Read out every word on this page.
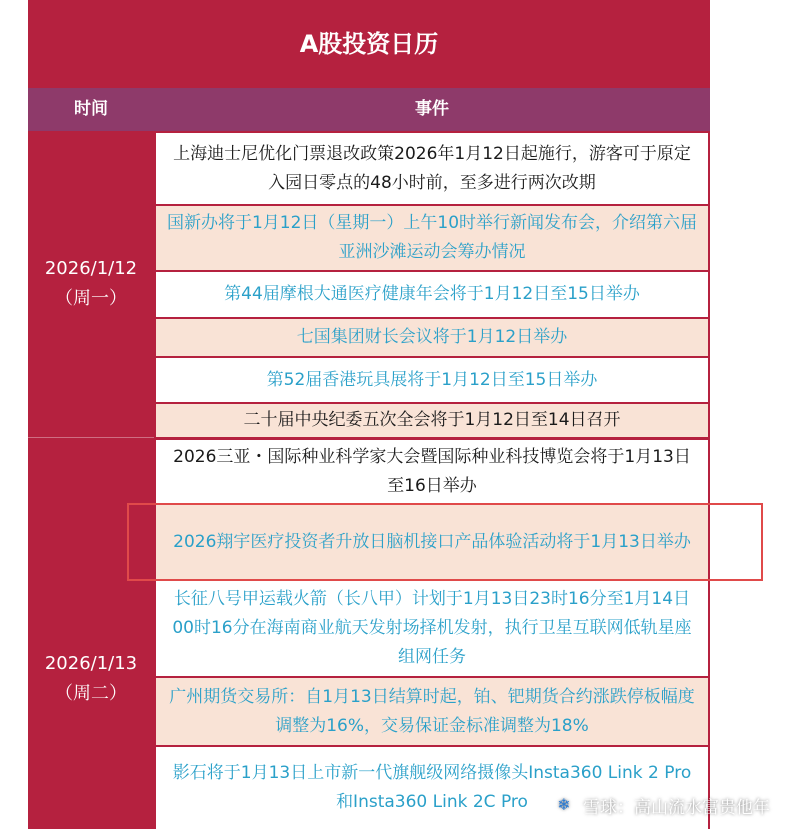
A股投资日历
时间	事件
2026/1/12
（周一）
2026/1/13
（周二）
上海迪士尼优化门票退改政策2026年1月12日起施行，游客可于原定入园日零点的48小时前，至多进行两次改期
国新办将于1月12日（星期一）上午10时举行新闻发布会，介绍第六届亚洲沙滩运动会筹办情况
第44届摩根大通医疗健康年会将于1月12日至15日举办
七国集团财长会议将于1月12日举办
第52届香港玩具展将于1月12日至15日举办
二十届中央纪委五次全会将于1月12日至14日召开
2026三亚・国际种业科学家大会暨国际种业科技博览会将于1月13日至16日举办
2026翔宇医疗投资者升放日脑机接口产品体验活动将于1月13日举办
长征八号甲运载火箭（长八甲）计划于1月13日23时16分至1月14日00时16分在海南商业航天发射场择机发射，执行卫星互联网低轨星座组网任务
广州期货交易所：自1月13日结算时起，铂、钯期货合约涨跌停板幅度调整为16%，交易保证金标准调整为18%
影石将于1月13日上市新一代旗舰级网络摄像头Insta360 Link 2 Pro和Insta360 Link 2C Pro	❄ 雪球：高山流水富贵他年
